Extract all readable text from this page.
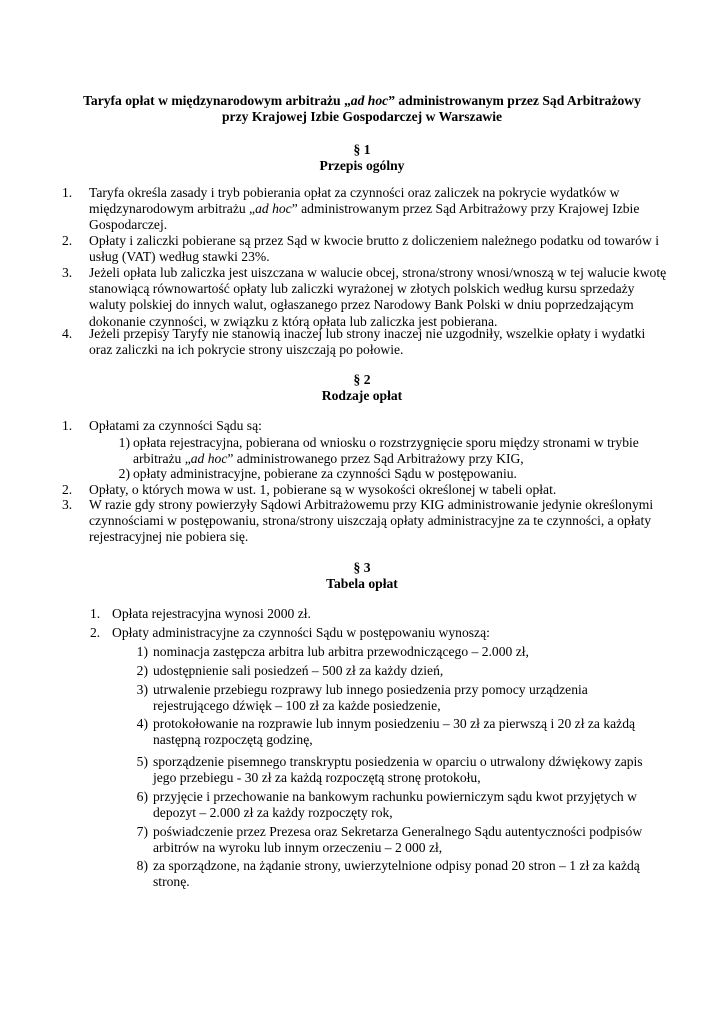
Taryfa opłat w międzynarodowym arbitrażu „ad hoc” administrowanym przez Sąd Arbitrażowy
przy Krajowej Izbie Gospodarczej w Warszawie
§ 1
Przepis ogólny
1.	Taryfa określa zasady i tryb pobierania opłat za czynności oraz zaliczek na pokrycie wydatków w międzynarodowym arbitrażu „ad hoc” administrowanym przez Sąd Arbitrażowy przy Krajowej Izbie Gospodarczej.
2.	Opłaty i zaliczki pobierane są przez Sąd w kwocie brutto z doliczeniem należnego podatku od towarów i usług (VAT) według stawki 23%.
3.	Jeżeli opłata lub zaliczka jest uiszczana w walucie obcej, strona/strony wnosi/wnoszą w tej walucie kwotę stanowiącą równowartość opłaty lub zaliczki wyrażonej w złotych polskich według kursu sprzedaży waluty polskiej do innych walut, ogłaszanego przez Narodowy Bank Polski w dniu poprzedzającym dokonanie czynności, w związku z którą opłata lub zaliczka jest pobierana.
4.	Jeżeli przepisy Taryfy nie stanowią inaczej lub strony inaczej nie uzgodniły, wszelkie opłaty i wydatki oraz zaliczki na ich pokrycie strony uiszczają po połowie.
§ 2
Rodzaje opłat
1.	Opłatami za czynności Sądu są:
1) opłata rejestracyjna, pobierana od wniosku o rozstrzygnięcie sporu między stronami w trybie arbitrażu „ad hoc” administrowanego przez Sąd Arbitrażowy przy KIG,
2) opłaty administracyjne, pobierane za czynności Sądu w postępowaniu.
2.	Opłaty, o których mowa w ust. 1, pobierane są w wysokości określonej w tabeli opłat.
3.	W razie gdy strony powierzyły Sądowi Arbitrażowemu przy KIG administrowanie jedynie określonymi czynnościami w postępowaniu, strona/strony uiszczają opłaty administracyjne za te czynności, a opłaty rejestracyjnej nie pobiera się.
§ 3
Tabela opłat
1. Opłata rejestracyjna wynosi 2000 zł.
2. Opłaty administracyjne za czynności Sądu w postępowaniu wynoszą:
1) nominacja zastępcza arbitra lub arbitra przewodniczącego – 2.000 zł,
2) udostępnienie sali posiedzeń – 500 zł za każdy dzień,
3) utrwalenie przebiegu rozprawy lub innego posiedzenia przy pomocy urządzenia
rejestrującego dźwięk – 100 zł za każde posiedzenie,
4) protokołowanie na rozprawie lub innym posiedzeniu – 30 zł za pierwszą i 20 zł za każdą
następną rozpoczętą godzinę,
5) sporządzenie pisemnego transkryptu posiedzenia w oparciu o utrwalony dźwiękowy zapis
jego przebiegu - 30 zł za każdą rozpoczętą stronę protokołu,
6) przyjęcie i przechowanie na bankowym rachunku powierniczym sądu kwot przyjętych w
depozyt – 2.000 zł za każdy rozpoczęty rok,
7) poświadczenie przez Prezesa oraz Sekretarza Generalnego Sądu autentyczności podpisów
arbitrów na wyroku lub innym orzeczeniu – 2 000 zł,
8) za sporządzone, na żądanie strony, uwierzytelnione odpisy ponad 20 stron – 1 zł za każdą
stronę.
